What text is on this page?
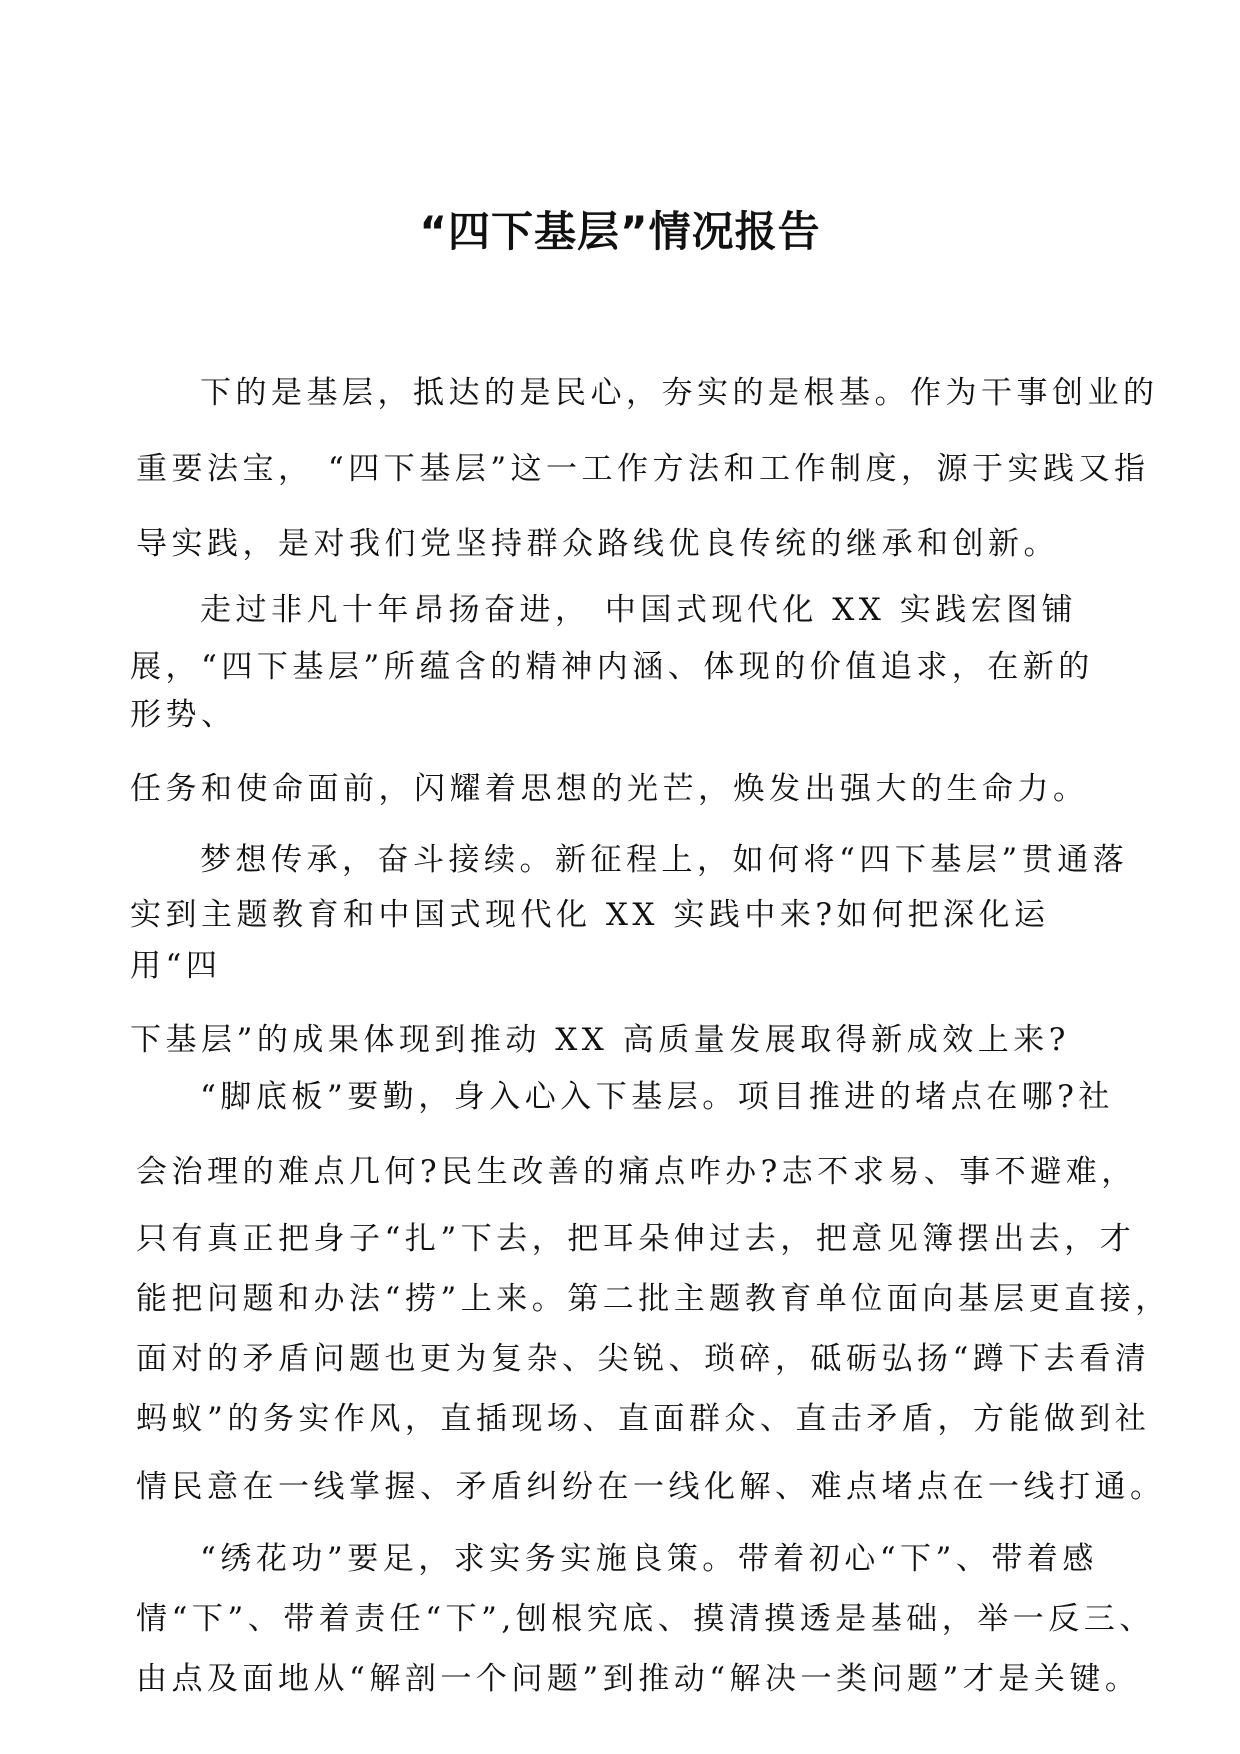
“四下基层”情况报告

下的是基层，抵达的是民心，夯实的是根基。作为干事创业的

重要法宝， “四下基层”这一工作方法和工作制度，源于实践又指

导实践，是对我们党坚持群众路线优良传统的继承和创新。

走过非凡十年昂扬奋进， 中国式现代化 XX 实践宏图铺

展，“四下基层”所蕴含的精神内涵、体现的价值追求，在新的

形势、

任务和使命面前，闪耀着思想的光芒，焕发出强大的生命力。

梦想传承，奋斗接续。新征程上，如何将“四下基层”贯通落

实到主题教育和中国式现代化 XX 实践中来?如何把深化运

用“四

下基层”的成果体现到推动 XX 高质量发展取得新成效上来?

“脚底板”要勤，身入心入下基层。项目推进的堵点在哪?社

会治理的难点几何?民生改善的痛点咋办?志不求易、事不避难，

只有真正把身子“扎”下去，把耳朵伸过去，把意见簿摆出去，才

能把问题和办法“捞”上来。第二批主题教育单位面向基层更直接，

面对的矛盾问题也更为复杂、尖锐、琐碎，砥砺弘扬“蹲下去看清

蚂蚁”的务实作风，直插现场、直面群众、直击矛盾，方能做到社

情民意在一线掌握、矛盾纠纷在一线化解、难点堵点在一线打通。

“绣花功”要足，求实务实施良策。带着初心“下”、带着感

情“下”、带着责任“下”,刨根究底、摸清摸透是基础，举一反三、

由点及面地从“解剖一个问题”到推动“解决一类问题”才是关键。
